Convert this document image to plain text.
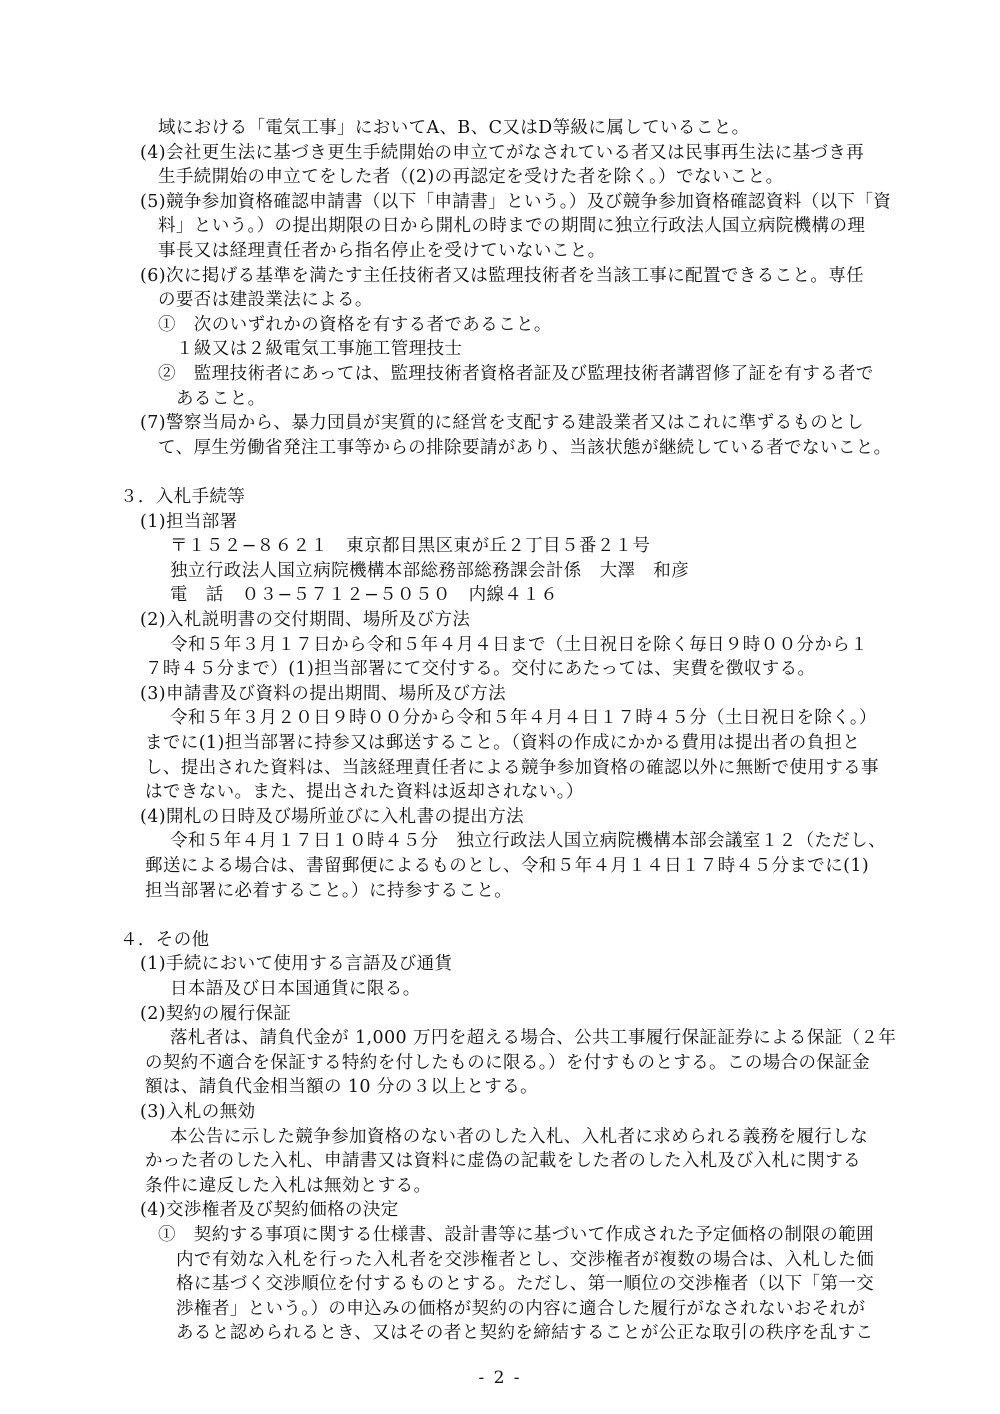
域における「電気工事」においてA、B、C又はD等級に属していること。
(4)会社更生法に基づき更生手続開始の申立てがなされている者又は民事再生法に基づき再
生手続開始の申立てをした者（(2)の再認定を受けた者を除く。）でないこと。
(5)競争参加資格確認申請書（以下「申請書」という。）及び競争参加資格確認資料（以下「資
料」という。）の提出期限の日から開札の時までの期間に独立行政法人国立病院機構の理
事長又は経理責任者から指名停止を受けていないこと。
(6)次に掲げる基準を満たす主任技術者又は監理技術者を当該工事に配置できること。専任
の要否は建設業法による。
①　次のいずれかの資格を有する者であること。
１級又は２級電気工事施工管理技士
②　監理技術者にあっては、監理技術者資格者証及び監理技術者講習修了証を有する者で
あること。
(7)警察当局から、暴力団員が実質的に経営を支配する建設業者又はこれに準ずるものとし
て、厚生労働省発注工事等からの排除要請があり、当該状態が継続している者でないこと。
３．入札手続等
(1)担当部署
〒１５２−８６２１　東京都目黒区東が丘２丁目５番２１号
独立行政法人国立病院機構本部総務部総務課会計係　大澤　和彦
電　話　０３−５７１２−５０５０　内線４１６
(2)入札説明書の交付期間、場所及び方法
令和５年３月１７日から令和５年４月４日まで（土日祝日を除く毎日９時００分から１
７時４５分まで）(1)担当部署にて交付する。交付にあたっては、実費を徴収する。
(3)申請書及び資料の提出期間、場所及び方法
令和５年３月２０日９時００分から令和５年４月４日１７時４５分（土日祝日を除く。）
までに(1)担当部署に持参又は郵送すること。（資料の作成にかかる費用は提出者の負担と
し、提出された資料は、当該経理責任者による競争参加資格の確認以外に無断で使用する事
はできない。また、提出された資料は返却されない。）
(4)開札の日時及び場所並びに入札書の提出方法
令和５年４月１７日１０時４５分　独立行政法人国立病院機構本部会議室１２（ただし、
郵送による場合は、書留郵便によるものとし、令和５年４月１４日１７時４５分までに(1)
担当部署に必着すること。）に持参すること。
４．その他
(1)手続において使用する言語及び通貨
日本語及び日本国通貨に限る。
(2)契約の履行保証
落札者は、請負代金が 1,000 万円を超える場合、公共工事履行保証証券による保証（２年
の契約不適合を保証する特約を付したものに限る。）を付すものとする。この場合の保証金
額は、請負代金相当額の 10 分の３以上とする。
(3)入札の無効
本公告に示した競争参加資格のない者のした入札、入札者に求められる義務を履行しな
かった者のした入札、申請書又は資料に虚偽の記載をした者のした入札及び入札に関する
条件に違反した入札は無効とする。
(4)交渉権者及び契約価格の決定
①　契約する事項に関する仕様書、設計書等に基づいて作成された予定価格の制限の範囲
内で有効な入札を行った入札者を交渉権者とし、交渉権者が複数の場合は、入札した価
格に基づく交渉順位を付するものとする。ただし、第一順位の交渉権者（以下「第一交
渉権者」という。）の申込みの価格が契約の内容に適合した履行がなされないおそれが
あると認められるとき、又はその者と契約を締結することが公正な取引の秩序を乱すこ
- 2 -
